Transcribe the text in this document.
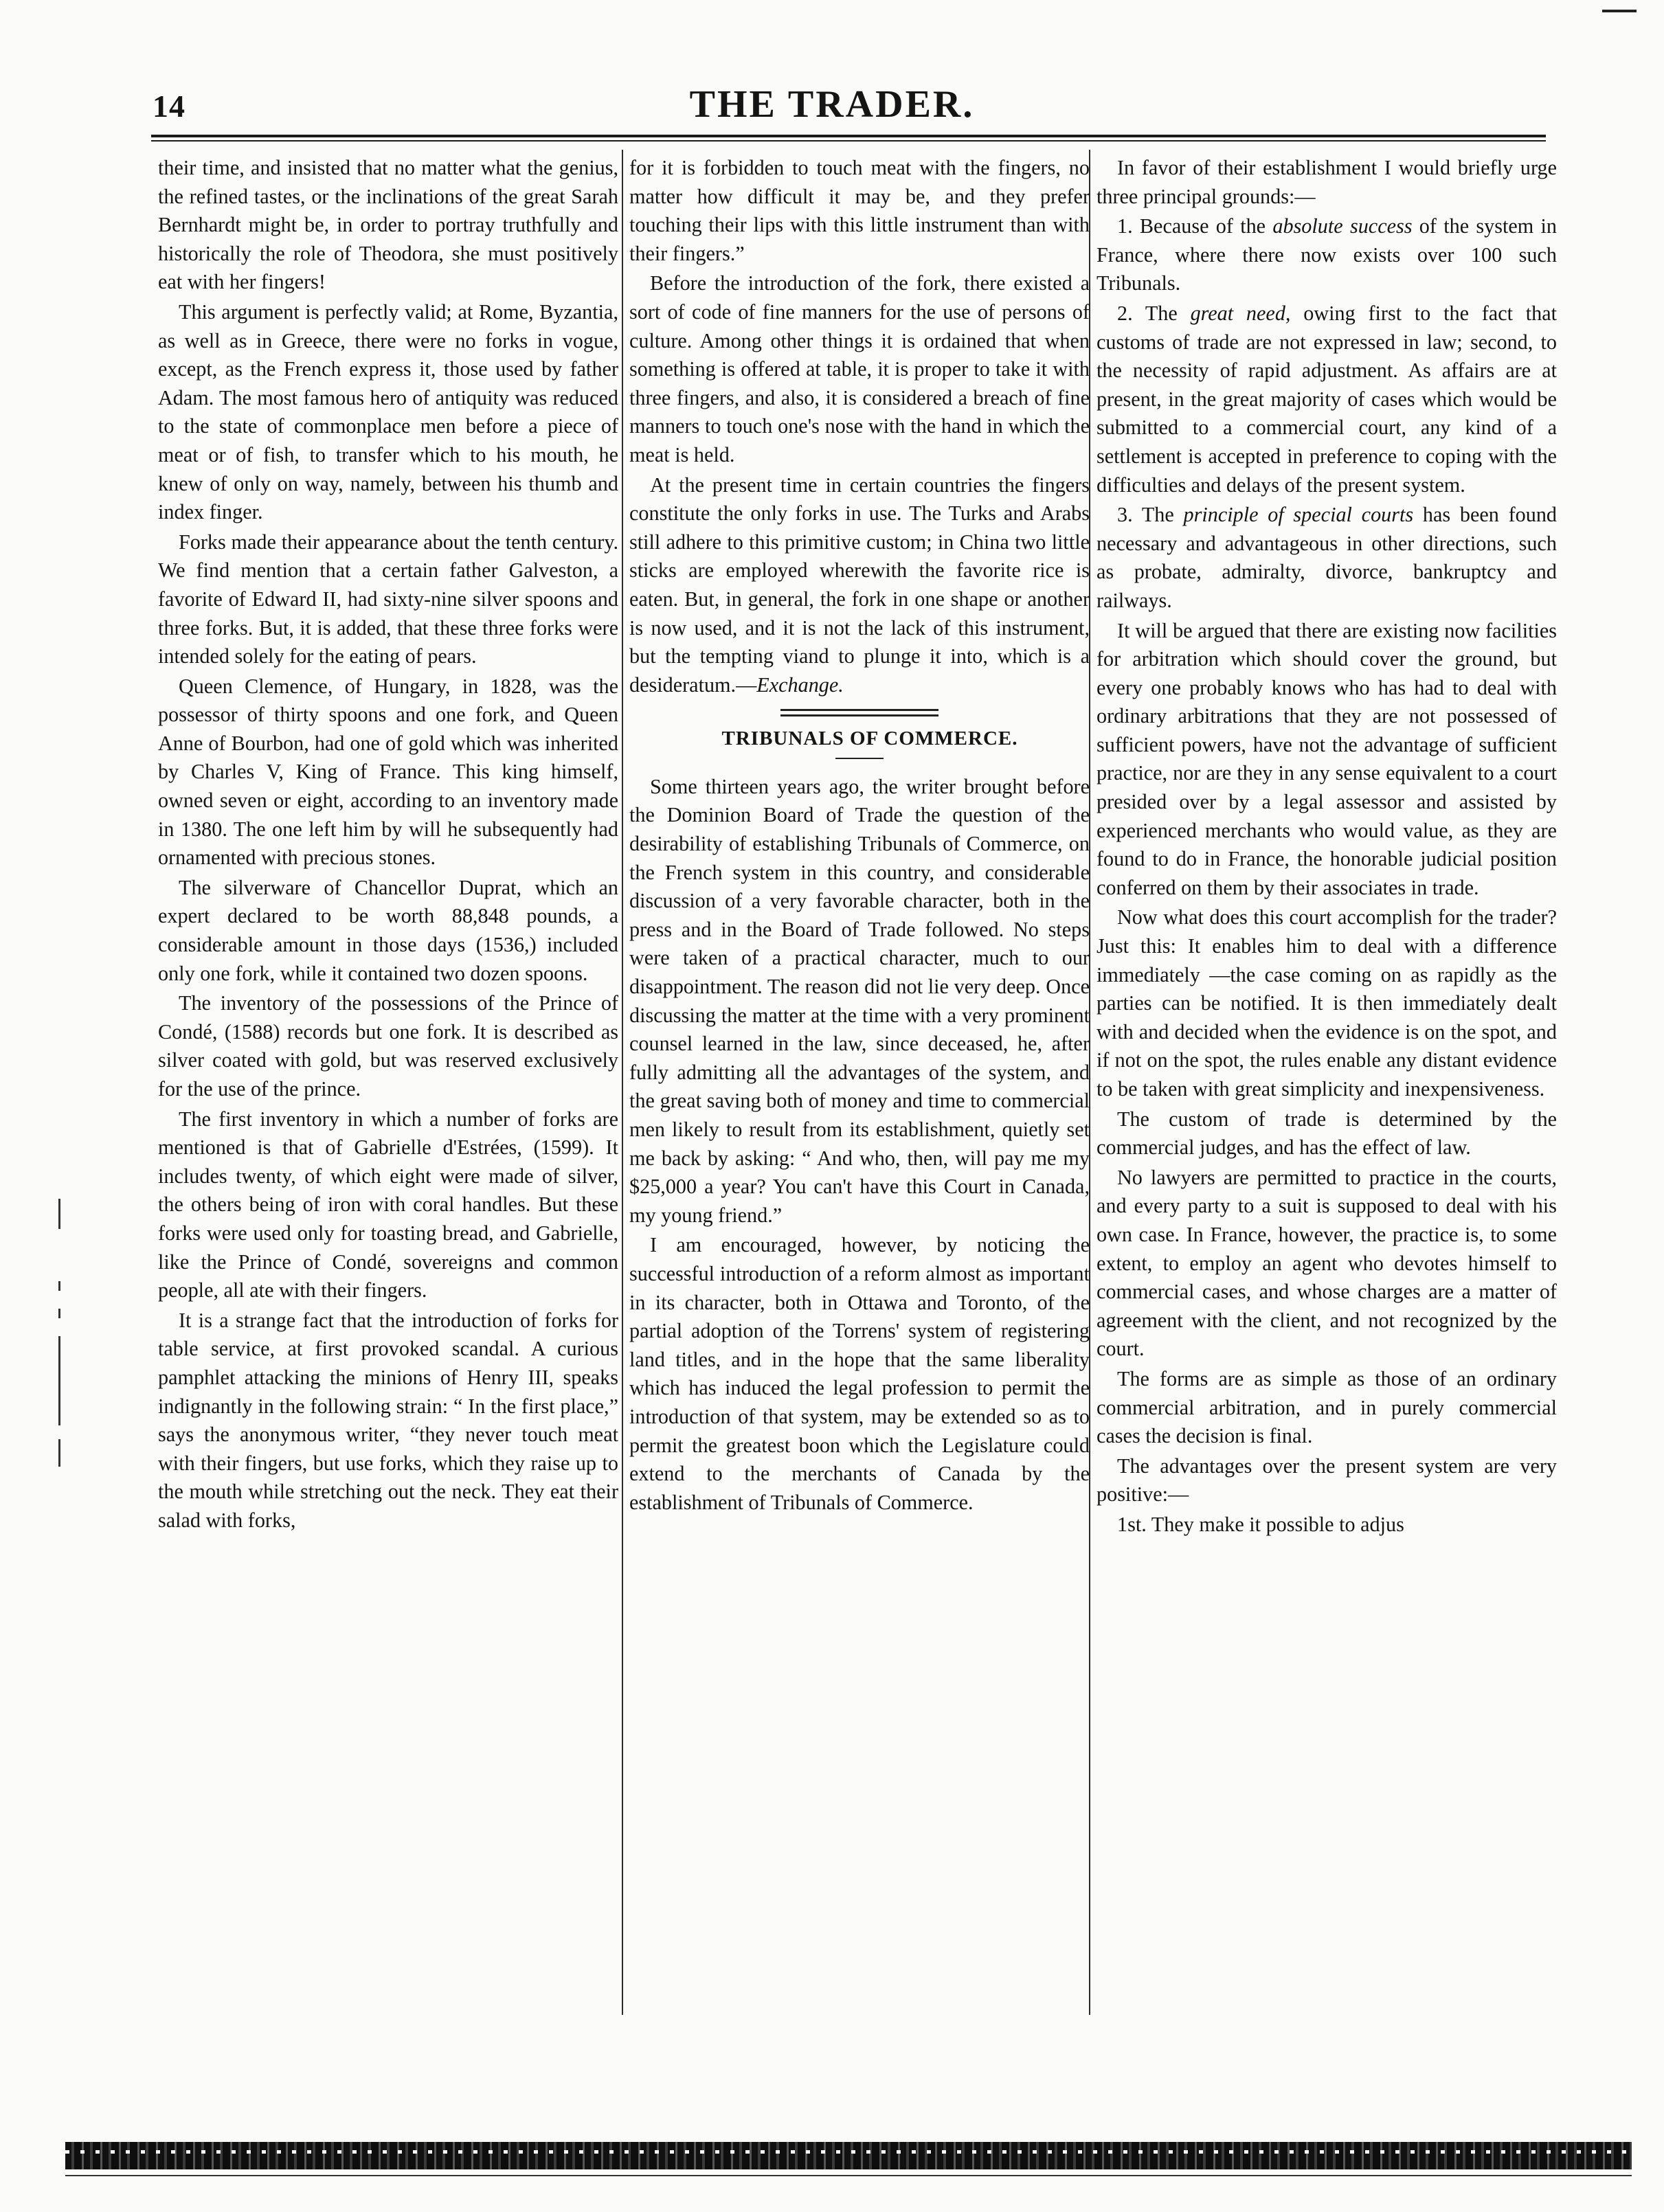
14	THE TRADER.

their time, and insisted that no matter what the genius, the refined tastes, or the inclinations of the great Sarah Bernhardt might be, in order to portray truthfully and historically the role of Theodora, she must positively eat with her fingers!

This argument is perfectly valid; at Rome, Byzantia, as well as in Greece, there were no forks in vogue, except, as the French express it, those used by father Adam. The most famous hero of antiquity was reduced to the state of commonplace men before a piece of meat or of fish, to transfer which to his mouth, he knew of only on way, namely, between his thumb and index finger.

Forks made their appearance about the tenth century. We find mention that a certain father Galveston, a favorite of Edward II, had sixty-nine silver spoons and three forks. But, it is added, that these three forks were intended solely for the eating of pears.

Queen Clemence, of Hungary, in 1828, was the possessor of thirty spoons and one fork, and Queen Anne of Bourbon, had one of gold which was inherited by Charles V, King of France. This king himself, owned seven or eight, according to an inventory made in 1380. The one left him by will he subsequently had ornamented with precious stones.

The silverware of Chancellor Duprat, which an expert declared to be worth 88,848 pounds, a considerable amount in those days (1536,) included only one fork, while it contained two dozen spoons.

The inventory of the possessions of the Prince of Condé, (1588) records but one fork. It is described as silver coated with gold, but was reserved exclusively for the use of the prince.

The first inventory in which a number of forks are mentioned is that of Gabrielle d'Estrées, (1599). It includes twenty, of which eight were made of silver, the others being of iron with coral handles. But these forks were used only for toasting bread, and Gabrielle, like the Prince of Condé, sovereigns and common people, all ate with their fingers.

It is a strange fact that the introduction of forks for table service, at first provoked scandal. A curious pamphlet attacking the minions of Henry III, speaks indignantly in the following strain: “ In the first place,” says the anonymous writer, “they never touch meat with their fingers, but use forks, which they raise up to the mouth while stretching out the neck. They eat their salad with forks,

for it is forbidden to touch meat with the fingers, no matter how difficult it may be, and they prefer touching their lips with this little instrument than with their fingers.”

Before the introduction of the fork, there existed a sort of code of fine manners for the use of persons of culture. Among other things it is ordained that when something is offered at table, it is proper to take it with three fingers, and also, it is considered a breach of fine manners to touch one's nose with the hand in which the meat is held.

At the present time in certain countries the fingers constitute the only forks in use. The Turks and Arabs still adhere to this primitive custom; in China two little sticks are employed wherewith the favorite rice is eaten. But, in general, the fork in one shape or another is now used, and it is not the lack of this instrument, but the tempting viand to plunge it into, which is a desideratum.—Exchange.

TRIBUNALS OF COMMERCE.

Some thirteen years ago, the writer brought before the Dominion Board of Trade the question of the desirability of establishing Tribunals of Commerce, on the French system in this country, and considerable discussion of a very favorable character, both in the press and in the Board of Trade followed. No steps were taken of a practical character, much to our disappointment. The reason did not lie very deep. Once discussing the matter at the time with a very prominent counsel learned in the law, since deceased, he, after fully admitting all the advantages of the system, and the great saving both of money and time to commercial men likely to result from its establishment, quietly set me back by asking: “ And who, then, will pay me my $25,000 a year? You can't have this Court in Canada, my young friend.”

I am encouraged, however, by noticing the successful introduction of a reform almost as important in its character, both in Ottawa and Toronto, of the partial adoption of the Torrens' system of registering land titles, and in the hope that the same liberality which has induced the legal profession to permit the introduction of that system, may be extended so as to permit the greatest boon which the Legislature could extend to the merchants of Canada by the establishment of Tribunals of Commerce.

In favor of their establishment I would briefly urge three principal grounds:—

1. Because of the absolute success of the system in France, where there now exists over 100 such Tribunals.

2. The great need, owing first to the fact that customs of trade are not expressed in law; second, to the necessity of rapid adjustment. As affairs are at present, in the great majority of cases which would be submitted to a commercial court, any kind of a settlement is accepted in preference to coping with the difficulties and delays of the present system.

3. The principle of special courts has been found necessary and advantageous in other directions, such as probate, admiralty, divorce, bankruptcy and railways.

It will be argued that there are existing now facilities for arbitration which should cover the ground, but every one probably knows who has had to deal with ordinary arbitrations that they are not possessed of sufficient powers, have not the advantage of sufficient practice, nor are they in any sense equivalent to a court presided over by a legal assessor and assisted by experienced merchants who would value, as they are found to do in France, the honorable judicial position conferred on them by their associates in trade.

Now what does this court accomplish for the trader? Just this: It enables him to deal with a difference immediately —the case coming on as rapidly as the parties can be notified. It is then immediately dealt with and decided when the evidence is on the spot, and if not on the spot, the rules enable any distant evidence to be taken with great simplicity and inexpensiveness.

The custom of trade is determined by the commercial judges, and has the effect of law.

No lawyers are permitted to practice in the courts, and every party to a suit is supposed to deal with his own case. In France, however, the practice is, to some extent, to employ an agent who devotes himself to commercial cases, and whose charges are a matter of agreement with the client, and not recognized by the court.

The forms are as simple as those of an ordinary commercial arbitration, and in purely commercial cases the decision is final.

The advantages over the present system are very positive:—

1st. They make it possible to adjus
